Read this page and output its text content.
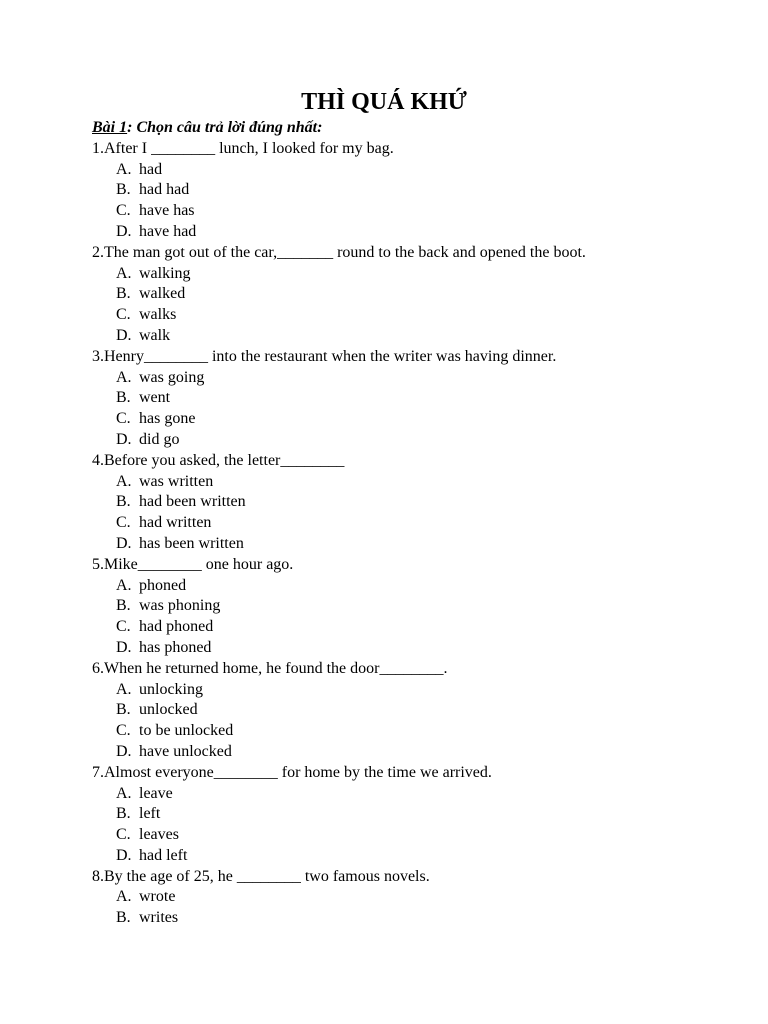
THÌ QUÁ KHỨ

Bài 1: Chọn câu trả lời đúng nhất:

1.After I ________ lunch, I looked for my bag.

A. had
B. had had
C. have has
D. have had

2.The man got out of the car,_______ round to the back and opened the boot.

A. walking
B. walked
C. walks
D. walk

3.Henry________ into the restaurant when the writer was having dinner.

A. was going
B. went
C. has gone
D. did go

4.Before you asked, the letter________

A. was written
B. had been written
C. had written
D. has been written

5.Mike________ one hour ago.

A. phoned
B. was phoning
C. had phoned
D. has phoned

6.When he returned home, he found the door________.

A. unlocking
B. unlocked
C. to be unlocked
D. have unlocked

7.Almost everyone________ for home by the time we arrived.

A. leave
B. left
C. leaves
D. had left

8.By the age of 25, he ________ two famous novels.

A. wrote
B. writes
